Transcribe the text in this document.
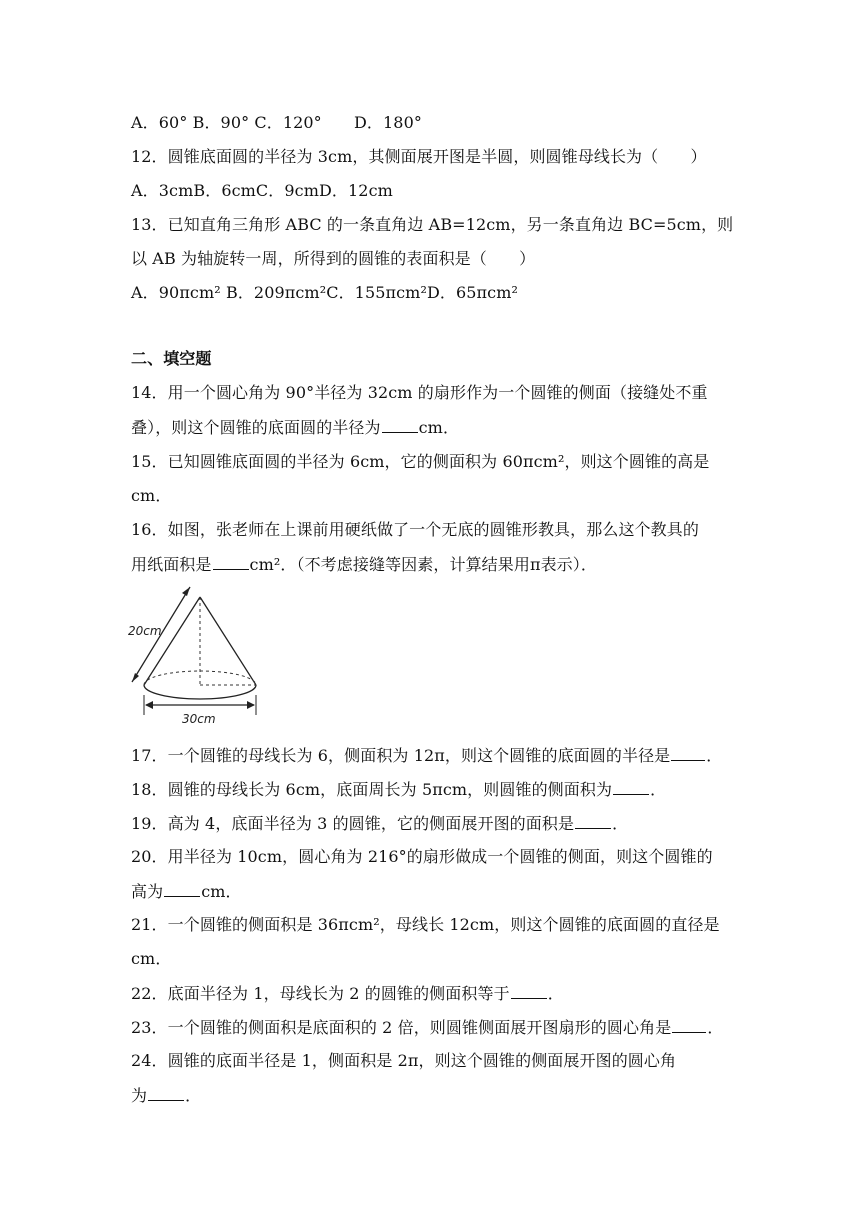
A．60° B．90° C．120°　　D．180°
12．圆锥底面圆的半径为 3cm，其侧面展开图是半圆，则圆锥母线长为（　　）
A．3cmB．6cmC．9cmD．12cm
13．已知直角三角形 ABC 的一条直角边 AB=12cm，另一条直角边 BC=5cm，则
以 AB 为轴旋转一周，所得到的圆锥的表面积是（　　）
A．90πcm² B．209πcm²C．155πcm²D．65πcm²
二、填空题
14．用一个圆心角为 90°半径为 32cm 的扇形作为一个圆锥的侧面（接缝处不重
叠），则这个圆锥的底面圆的半径为 cm．
15．已知圆锥底面圆的半径为 6cm，它的侧面积为 60πcm²，则这个圆锥的高是
cm．
16．如图，张老师在上课前用硬纸做了一个无底的圆锥形教具，那么这个教具的
用纸面积是 cm²．（不考虑接缝等因素，计算结果用π表示）．
20cm
30cm
17．一个圆锥的母线长为 6，侧面积为 12π，则这个圆锥的底面圆的半径是 ．
18．圆锥的母线长为 6cm，底面周长为 5πcm，则圆锥的侧面积为 ．
19．高为 4，底面半径为 3 的圆锥，它的侧面展开图的面积是 ．
20．用半径为 10cm，圆心角为 216°的扇形做成一个圆锥的侧面，则这个圆锥的
高为 cm．
21．一个圆锥的侧面积是 36πcm²，母线长 12cm，则这个圆锥的底面圆的直径是
cm．
22．底面半径为 1，母线长为 2 的圆锥的侧面积等于 ．
23．一个圆锥的侧面积是底面积的 2 倍，则圆锥侧面展开图扇形的圆心角是 ．
24．圆锥的底面半径是 1，侧面积是 2π，则这个圆锥的侧面展开图的圆心角
为 ．
